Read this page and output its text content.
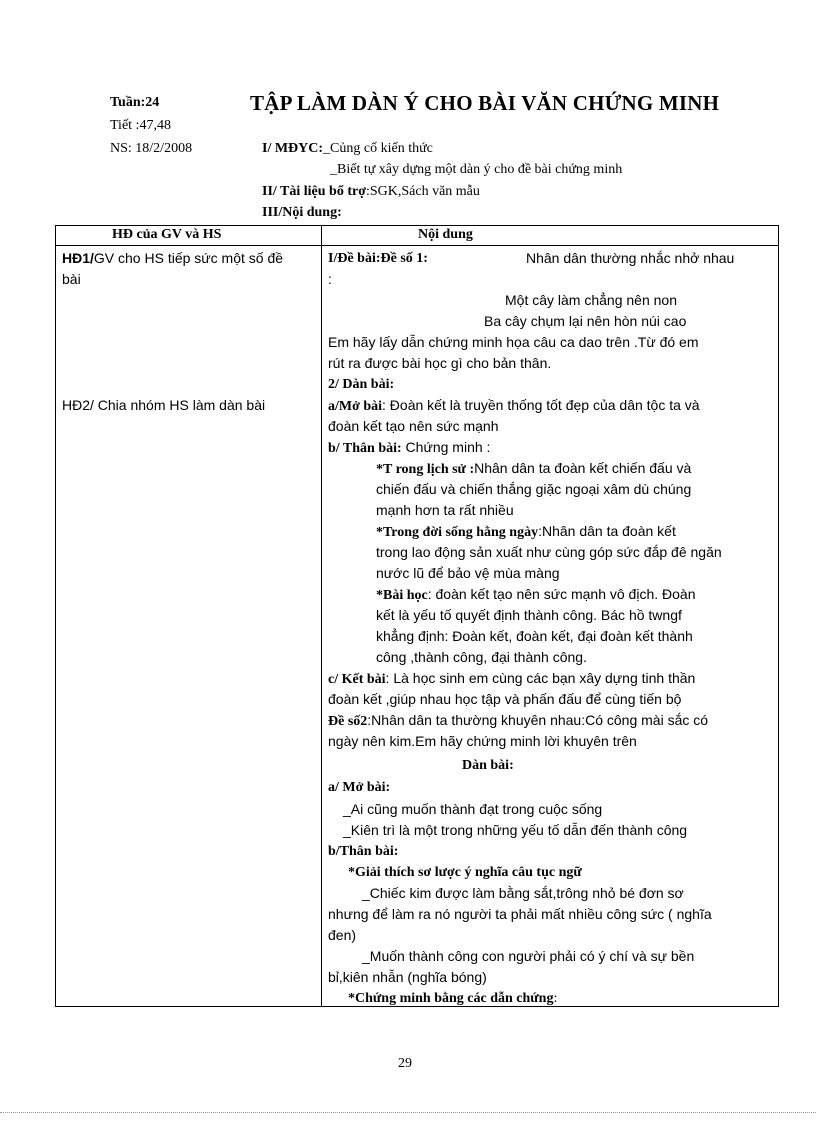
Tuần:24
Tiết :47,48
NS: 18/2/2008
TẬP LÀM DÀN Ý CHO BÀI VĂN CHỨNG MINH
I/ MĐYC:_Củng cố kiến thức
_Biết tự xây dựng một dàn ý cho đề bài chứng minh
II/ Tài liệu bổ trợ:SGK,Sách văn mẫu
III/Nội dung:
HĐ của GV và HS	Nội dung
HĐ1/GV cho HS tiếp sức một số đề
bài
HĐ2/ Chia nhóm HS làm dàn bài
I/Đề bài:Đề số 1:	Nhân dân thường nhắc nhở nhau
:
Một cây làm chẳng nên non
Ba cây chụm lại nên hòn núi cao
Em hãy lấy dẫn chứng minh họa câu ca dao trên .Từ đó em
rút ra được bài học gì cho bản thân.
2/ Dàn bài:
a/Mở bài: Đoàn kết là truyền thống tốt đẹp của dân tộc ta và
đoàn kết tạo nên sức mạnh
b/ Thân bài: Chứng minh :
*T rong lịch sử :Nhân dân ta đoàn kết chiến đấu và
chiến đấu và chiến thắng giặc ngoại xâm dù chúng
mạnh hơn ta rất nhiều
*Trong đời sống hằng ngày:Nhân dân ta đoàn kết
trong lao động sản xuất như cùng góp sức đắp đê ngăn
nước lũ để bảo vệ mùa màng
*Bài học: đoàn kết tạo nên sức mạnh vô địch. Đoàn
kết là yếu tố quyết định thành công. Bác hồ twngf
khẳng định: Đoàn kết, đoàn kết, đại đoàn kết thành
công ,thành công, đại thành công.
c/ Kết bài: Là học sinh em cùng các bạn xây dựng tinh thần
đoàn kết ,giúp nhau học tập và phấn đấu để cùng tiến bộ
Đề số2:Nhân dân ta thường khuyên nhau:Có công mài sắc có
ngày nên kim.Em hãy chứng minh lời khuyên trên
Dàn bài:
a/ Mở bài:
_Ai cũng muốn thành đạt trong cuộc sống
_Kiên trì là một trong những yếu tố dẫn đến thành công
b/Thân bài:
*Giải thích sơ lược ý nghĩa câu tục ngữ
_Chiếc kim được làm bằng sắt,trông nhỏ bé đơn sơ
nhưng để làm ra nó người ta phải mất nhiều công sức ( nghĩa
đen)
_Muốn thành công con người phải có ý chí và sự bền
bỉ,kiên nhẫn (nghĩa bóng)
*Chứng minh bằng các dẫn chứng:
29
